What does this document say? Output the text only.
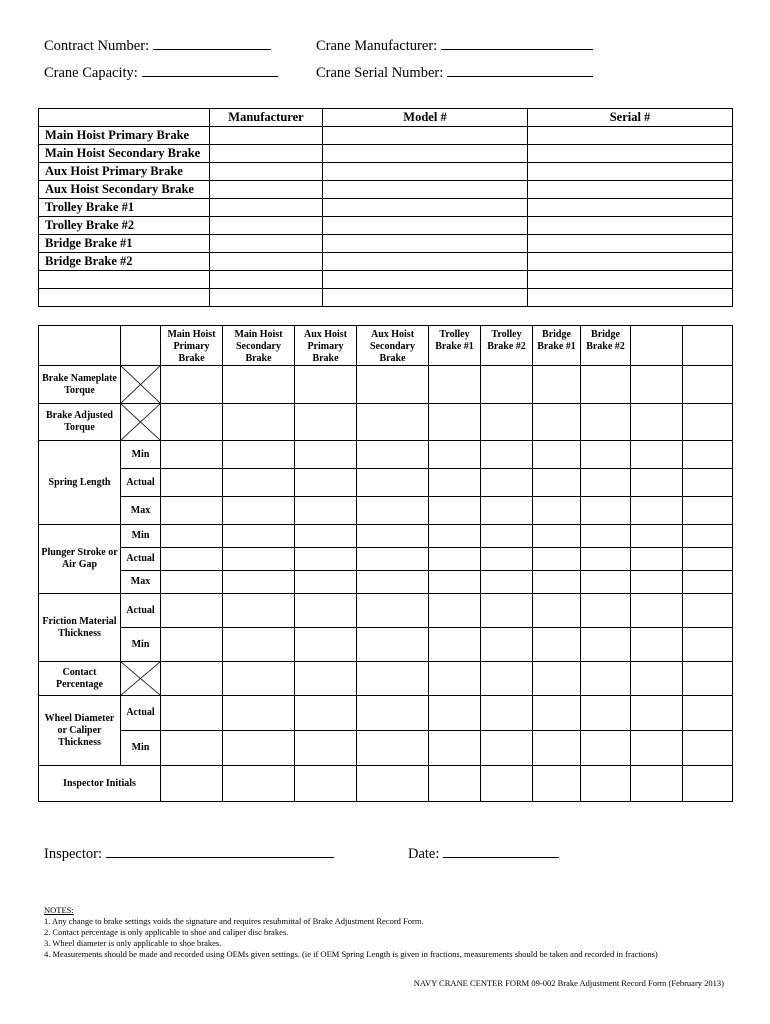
Contract Number:
Crane Capacity:
Crane Manufacturer:
Crane Serial Number:
	Manufacturer	Model #	Serial #
Main Hoist Primary Brake			
Main Hoist Secondary Brake			
Aux Hoist Primary Brake			
Aux Hoist Secondary Brake			
Trolley Brake #1			
Trolley Brake #2			
Bridge Brake #1			
Bridge Brake #2			

		Main Hoist Primary Brake	Main Hoist Secondary Brake	Aux Hoist Primary Brake	Aux Hoist Secondary Brake	Trolley Brake #1	Trolley Brake #2	Bridge Brake #1	Bridge Brake #2		
Brake Nameplate Torque	

Brake Adjusted Torque	

Spring Length	Min										
	Actual										
	Max										
Plunger Stroke or Air Gap	Min										
	Actual										
	Max										
Friction Material Thickness	Actual										
	Min										
Contact Percentage	

Wheel Diameter or Caliper Thickness	Actual										
	Min										
Inspector Initials											
Inspector:	Date:
NOTES:
1. Any change to brake settings voids the signature and requires resubmittal of Brake Adjustment Record Form.
2. Contact percentage is only applicable to shoe and caliper disc brakes.
3. Wheel diameter is only applicable to shoe brakes.
4. Measurements should be made and recorded using OEMs given settings. (ie if OEM Spring Length is given in fractions, measurements should be taken and recorded in fractions)
NAVY CRANE CENTER FORM 09-002 Brake Adjustment Record Form (February 2013)
